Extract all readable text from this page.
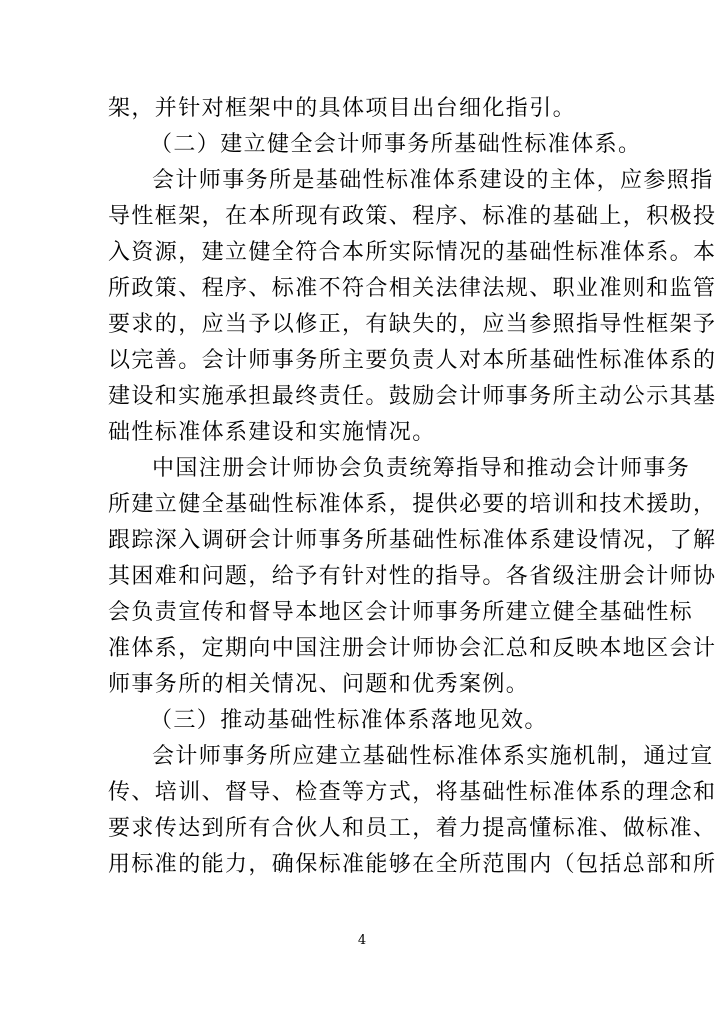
架，并针对框架中的具体项目出台细化指引。
（二）建立健全会计师事务所基础性标准体系。
会计师事务所是基础性标准体系建设的主体，应参照指
导性框架，在本所现有政策、程序、标准的基础上，积极投
入资源，建立健全符合本所实际情况的基础性标准体系。本
所政策、程序、标准不符合相关法律法规、职业准则和监管
要求的，应当予以修正，有缺失的，应当参照指导性框架予
以完善。会计师事务所主要负责人对本所基础性标准体系的
建设和实施承担最终责任。鼓励会计师事务所主动公示其基
础性标准体系建设和实施情况。
中国注册会计师协会负责统筹指导和推动会计师事务
所建立健全基础性标准体系，提供必要的培训和技术援助，
跟踪深入调研会计师事务所基础性标准体系建设情况，了解
其困难和问题，给予有针对性的指导。各省级注册会计师协
会负责宣传和督导本地区会计师事务所建立健全基础性标
准体系，定期向中国注册会计师协会汇总和反映本地区会计
师事务所的相关情况、问题和优秀案例。
（三）推动基础性标准体系落地见效。
会计师事务所应建立基础性标准体系实施机制，通过宣
传、培训、督导、检查等方式，将基础性标准体系的理念和
要求传达到所有合伙人和员工，着力提高懂标准、做标准、
用标准的能力，确保标准能够在全所范围内（包括总部和所
4
